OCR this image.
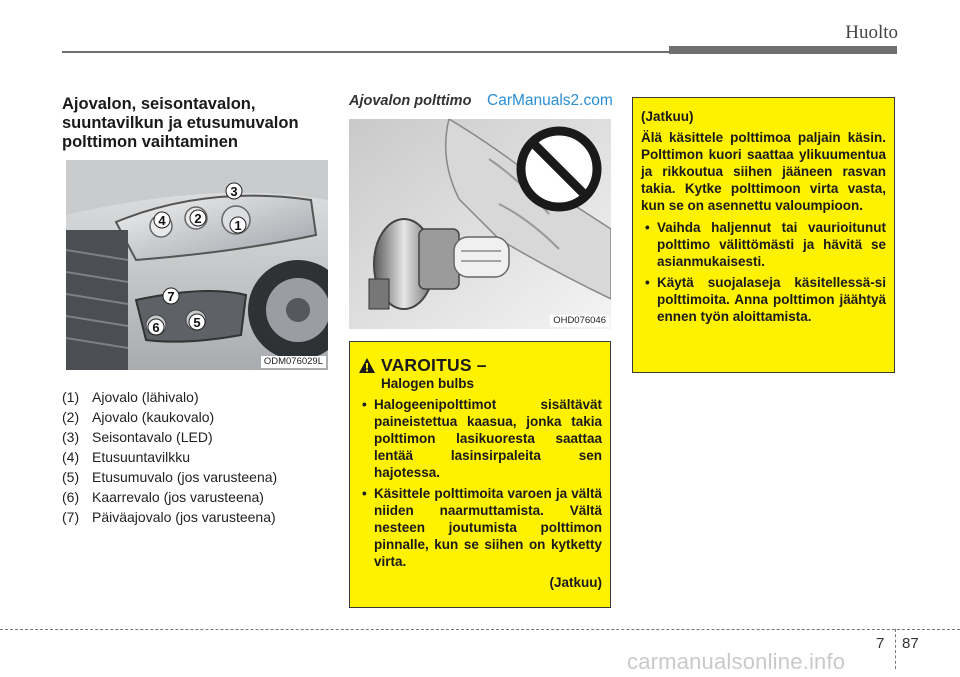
Huolto
Ajovalon, seisontavalon, suuntavilkun ja etusumuvalon polttimon vaihtaminen
4 2
3
1
7
6	5
ODM076029L
(1) Ajovalo (lähivalo)
(2) Ajovalo (kaukovalo)
(3) Seisontavalo (LED)
(4) Etusuuntavilkku
(5) Etusumuvalo (jos varusteena)
(6) Kaarrevalo (jos varusteena)
(7) Päiväajovalo (jos varusteena)
Ajovalon polttimo CarManuals2.com
OHD076046
VAROITUS –
Halogen bulbs
• Halogeenipolttimot sisältävät paineistettua kaasua, jonka takia polttimon lasikuoresta saattaa lentää lasinsirpaleita sen hajotessa.
• Käsittele polttimoita varoen ja vältä niiden naarmuttamista. Vältä nesteen joutumista polttimon pinnalle, kun se siihen on kytketty virta.
(Jatkuu)
(Jatkuu)
Älä käsittele polttimoa paljain käsin. Polttimon kuori saattaa ylikuumentua ja rikkoutua siihen jääneen rasvan takia. Kytke polttimoon virta vasta, kun se on asennettu valoumpioon.
• Vaihda haljennut tai vaurioitunut polttimo välittömästi ja hävitä se asianmukaisesti.
• Käytä suojalaseja käsitellessä-si polttimoita. Anna polttimon jäähtyä ennen työn aloittamista.
7 87
carmanualsonline.info
